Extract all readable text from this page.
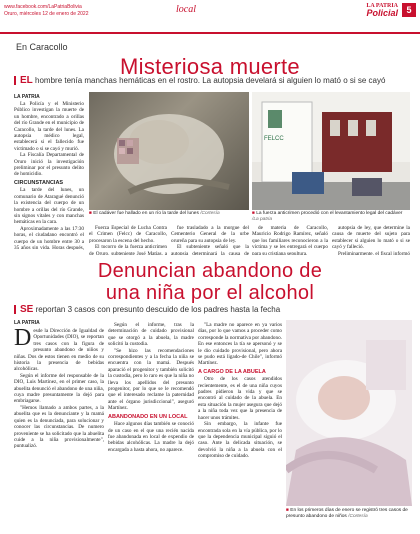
www.facebook.com/LaPatriaBolivia
Oruro, miércoles 12 de enero de 2022	local	LA PATRIA
Policial 5
En Caracollo
Misteriosa muerte
EL hombre tenía manchas hemáticas en el rostro. La autopsia develará si alguien lo mató o si se cayó
LA PATRIA

La Policía y el Ministerio Público investigan la muerte de un hombre, encontrado a orillas del río Grande en el municipio de Caracollo, la tarde del lunes. La autopsia médico legal, establecerá si el fallecido fue victimado o si se cayó y murió.

La Fiscalía Departamental de Oruro inició la investigación preliminar por el presunto delito de homicidio.

CIRCUNSTANCIAS

La tarde del lunes, un comunario de Ataragué denunció la existencia del cuerpo de un hombre a orillas del río Grande, sin signos vitales y con manchas hemáticas en la cara.

Aproximadamente a las 17:30 horas, el ciudadano encontró el cuerpo de un hombre entre 30 a 35 años sin vida. Horas después,

■ El cadáver fue hallado en un río la tarde del lunes /Cortesía
FELCC
■ La fuerza anticrimen procedió con el levantamiento legal del cadáver /La patria

Fuerza Especial de Lucha Contra el Crimen (Felcc) de Caracollo, procesaron la escena del hecho.

El tocorro de la fuerza anticrimen de Oruro, subteniente José Matías, a

fue trasladado a la morgue del Cementerio General de la urbe orureña para su autopsia de ley.

El subteniente señaló que la autopsia determinará la causa de

de materia de Caracollo, Mauricio Rodrigo Ramírez, señaló que los familiares reconocieron a la víctima y se les entregará el cuerpo para su cristiana sepultura.

autopsia de ley, que determine la causa de muerte del sujeto para establecer si alguien lo mató o si se cayó y falleció.

Preliminarmente, el fiscal informó

Denuncian abandono de
una niña por el alcohol
SE reportan 3 casos con presunto descuido de los padres hasta la fecha
LA PATRIA
D esde la Dirección de Igualdad de Oportunidades (DIO), se reportan tres casos con la figura de presunto abandono de niños y niñas. Dos de estos tienen en medio de su historia la presencia de bebidas alcohólicas.

Según el informe del responsable de la DIO, Luis Martínez, en el primer caso, la abuelita denunció el abandono de una niña, cuya madre presuntamente la dejó para embriagarse.

"Hemos llamado a ambos partes, a la abuelita que es la denunciante y la mamá quien es la denunciada, para solucionar y conocer las circunstancias. De numero proveniente se ha solicitado que la abuelita cuide a la niña provisionalmente", puntualizó.

Según el informe, tras la determinación de cuidado provisional que se otorgó a la abuela, la madre solicitó la custodia.

"Se hizo las recomendaciones correspondientes y a la fecha la niña se encuentra con la mamá. Después aparació el progenitor y también solicitó la custodia, pero lo raro es que la niña no lleva los apellidos del presunto progenitor, por lo que se le recomendó que el interesado reclame la paternidad ante el órgano jurisdiccional", aseguró Martínez.

ABANDONADO EN UN LOCAL

Hace algunos días también se conoció de un caso en el que una recién nacida fue abandonada en local de expendio de bebidas alcohólicas. La madre la dejó encargada a hasta ahora, no aparece.

"La madre no aparece en ya varios días, por lo que vamos a proceder como corresponde la normativa por abandono. En ese entonces la tía se apersonó y se le dio cuidado provisional, pero ahora se pudo está ligado-de Chile", informó Martínez.

A CARGO DE LA ABUELA

Otro de los casos atendidos recientemente, es el de una niña cuyos padres pidieron la vida y que se encontró al cuidado de la abuela. En esta situación la mujer asegura que dejó a la niña toda vez que la presencia de hacer unos trámites.

Sin embargo, la infante fue encontrada sola en la vía pública, por lo que la dependencia municipal siguió el caso. Ante la delicada situación, se devolvió la niña a la abuela con el compromiso de cuidado.

■ En los primeros días de enero se registró tres casos de presunto abandono de niños /Cortesía
